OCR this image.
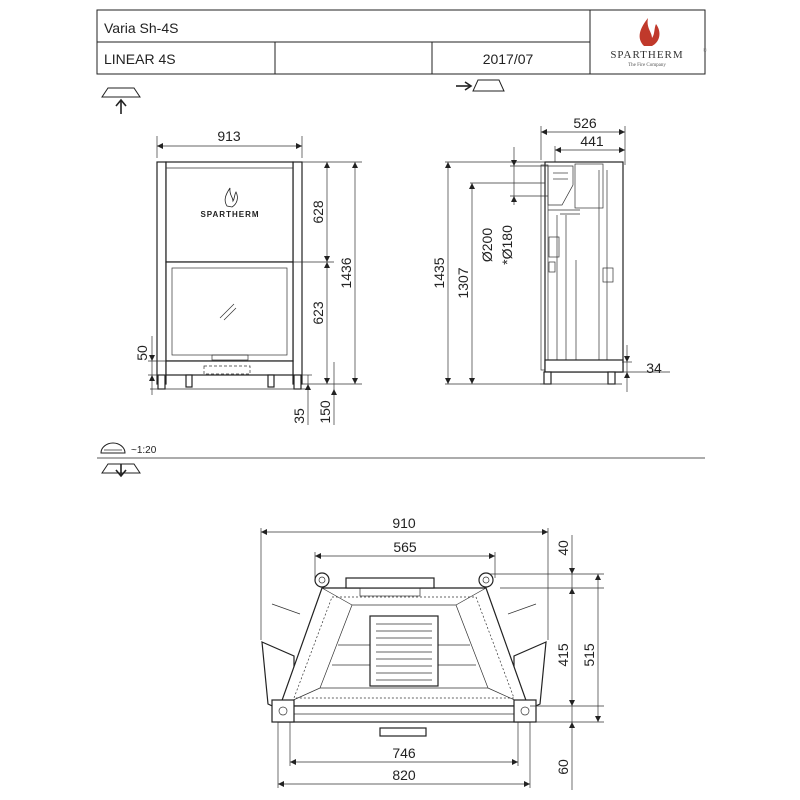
Varia Sh-4S
LINEAR 4S	2017/07	SPARTHERM	®
The Fire Company
913
SPARTHERM	628
623
1436
50
35 150
526
441
1435 1307
Ø200 *Ø180
34
~1:20
910
565
746
820
40
415 515
60
